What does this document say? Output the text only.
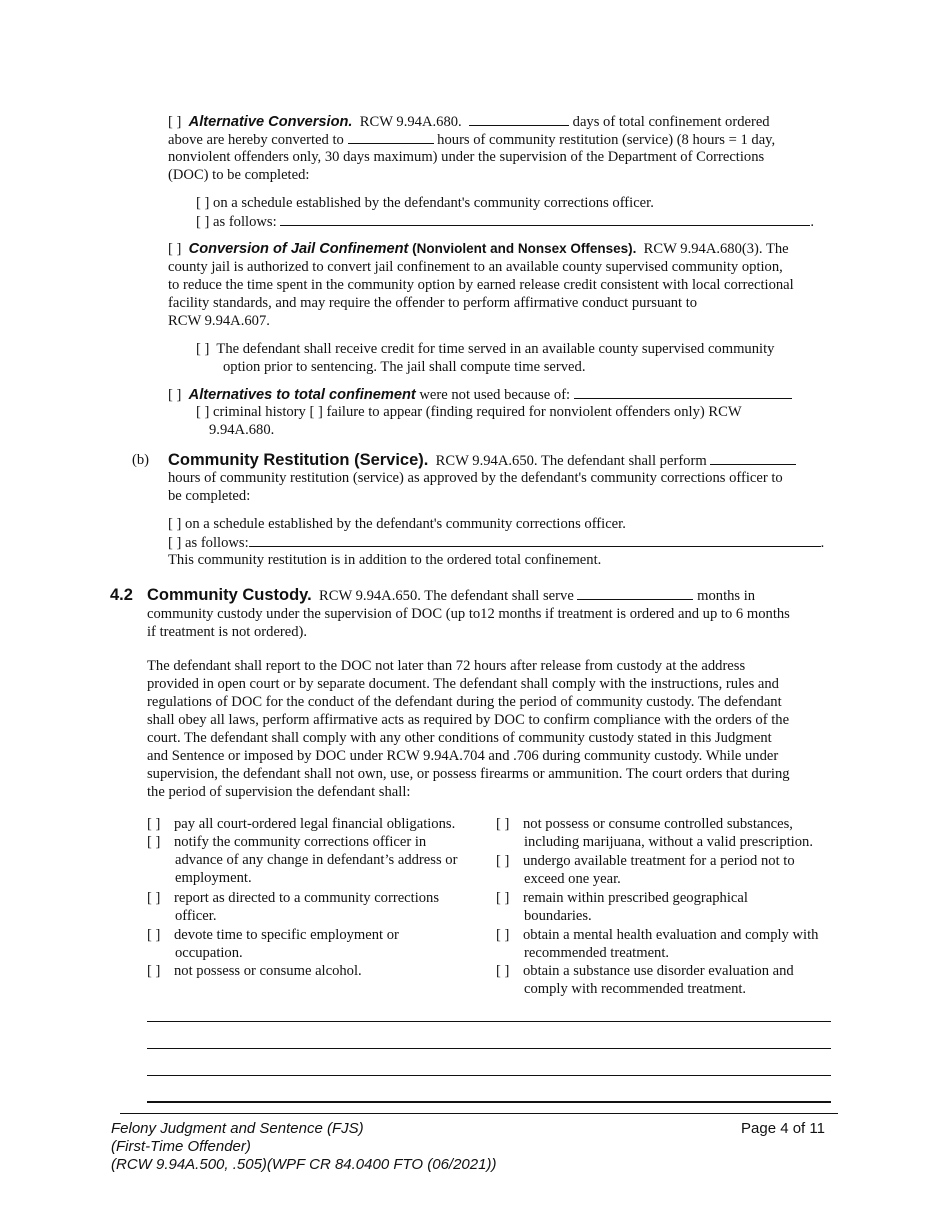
[ ] Alternative Conversion. RCW 9.94A.680.	days of total confinement ordered
above are hereby converted to	hours of community restitution (service) (8 hours = 1 day,
nonviolent offenders only, 30 days maximum) under the supervision of the Department of Corrections
(DOC) to be completed:
[ ] on a schedule established by the defendant's community corrections officer.
[ ] as follows:	.
[ ] Conversion of Jail Confinement (Nonviolent and Nonsex Offenses). RCW 9.94A.680(3). The
county jail is authorized to convert jail confinement to an available county supervised community option,
to reduce the time spent in the community option by earned release credit consistent with local correctional
facility standards, and may require the offender to perform affirmative conduct pursuant to
RCW 9.94A.607.
[ ] The defendant shall receive credit for time served in an available county supervised community
option prior to sentencing. The jail shall compute time served.
[ ] Alternatives to total confinement were not used because of:
[ ] criminal history [ ] failure to appear (finding required for nonviolent offenders only) RCW
9.94A.680.
(b) Community Restitution (Service). RCW 9.94A.650. The defendant shall perform
hours of community restitution (service) as approved by the defendant's community corrections officer to
be completed:
[ ] on a schedule established by the defendant's community corrections officer.
[ ] as follows:	.
This community restitution is in addition to the ordered total confinement.
4.2 Community Custody. RCW 9.94A.650. The defendant shall serve	months in
community custody under the supervision of DOC (up to12 months if treatment is ordered and up to 6 months
if treatment is not ordered).
The defendant shall report to the DOC not later than 72 hours after release from custody at the address
provided in open court or by separate document. The defendant shall comply with the instructions, rules and
regulations of DOC for the conduct of the defendant during the period of community custody. The defendant
shall obey all laws, perform affirmative acts as required by DOC to confirm compliance with the orders of the
court. The defendant shall comply with any other conditions of community custody stated in this Judgment
and Sentence or imposed by DOC under RCW 9.94A.704 and .706 during community custody. While under
supervision, the defendant shall not own, use, or possess firearms or ammunition. The court orders that during
the period of supervision the defendant shall:
[ ] pay all court-ordered legal financial obligations.
[ ] notify the community corrections officer in
advance of any change in defendant’s address or
employment.
[ ] report as directed to a community corrections
officer.
[ ] devote time to specific employment or
occupation.
[ ] not possess or consume alcohol.
[ ] not possess or consume controlled substances,
including marijuana, without a valid prescription.
[ ] undergo available treatment for a period not to
exceed one year.
[ ] remain within prescribed geographical
boundaries.
[ ] obtain a mental health evaluation and comply with
recommended treatment.
[ ] obtain a substance use disorder evaluation and
comply with recommended treatment.
Felony Judgment and Sentence (FJS)
(First-Time Offender)
(RCW 9.94A.500, .505)(WPF CR 84.0400 FTO (06/2021))
Page 4 of 11
